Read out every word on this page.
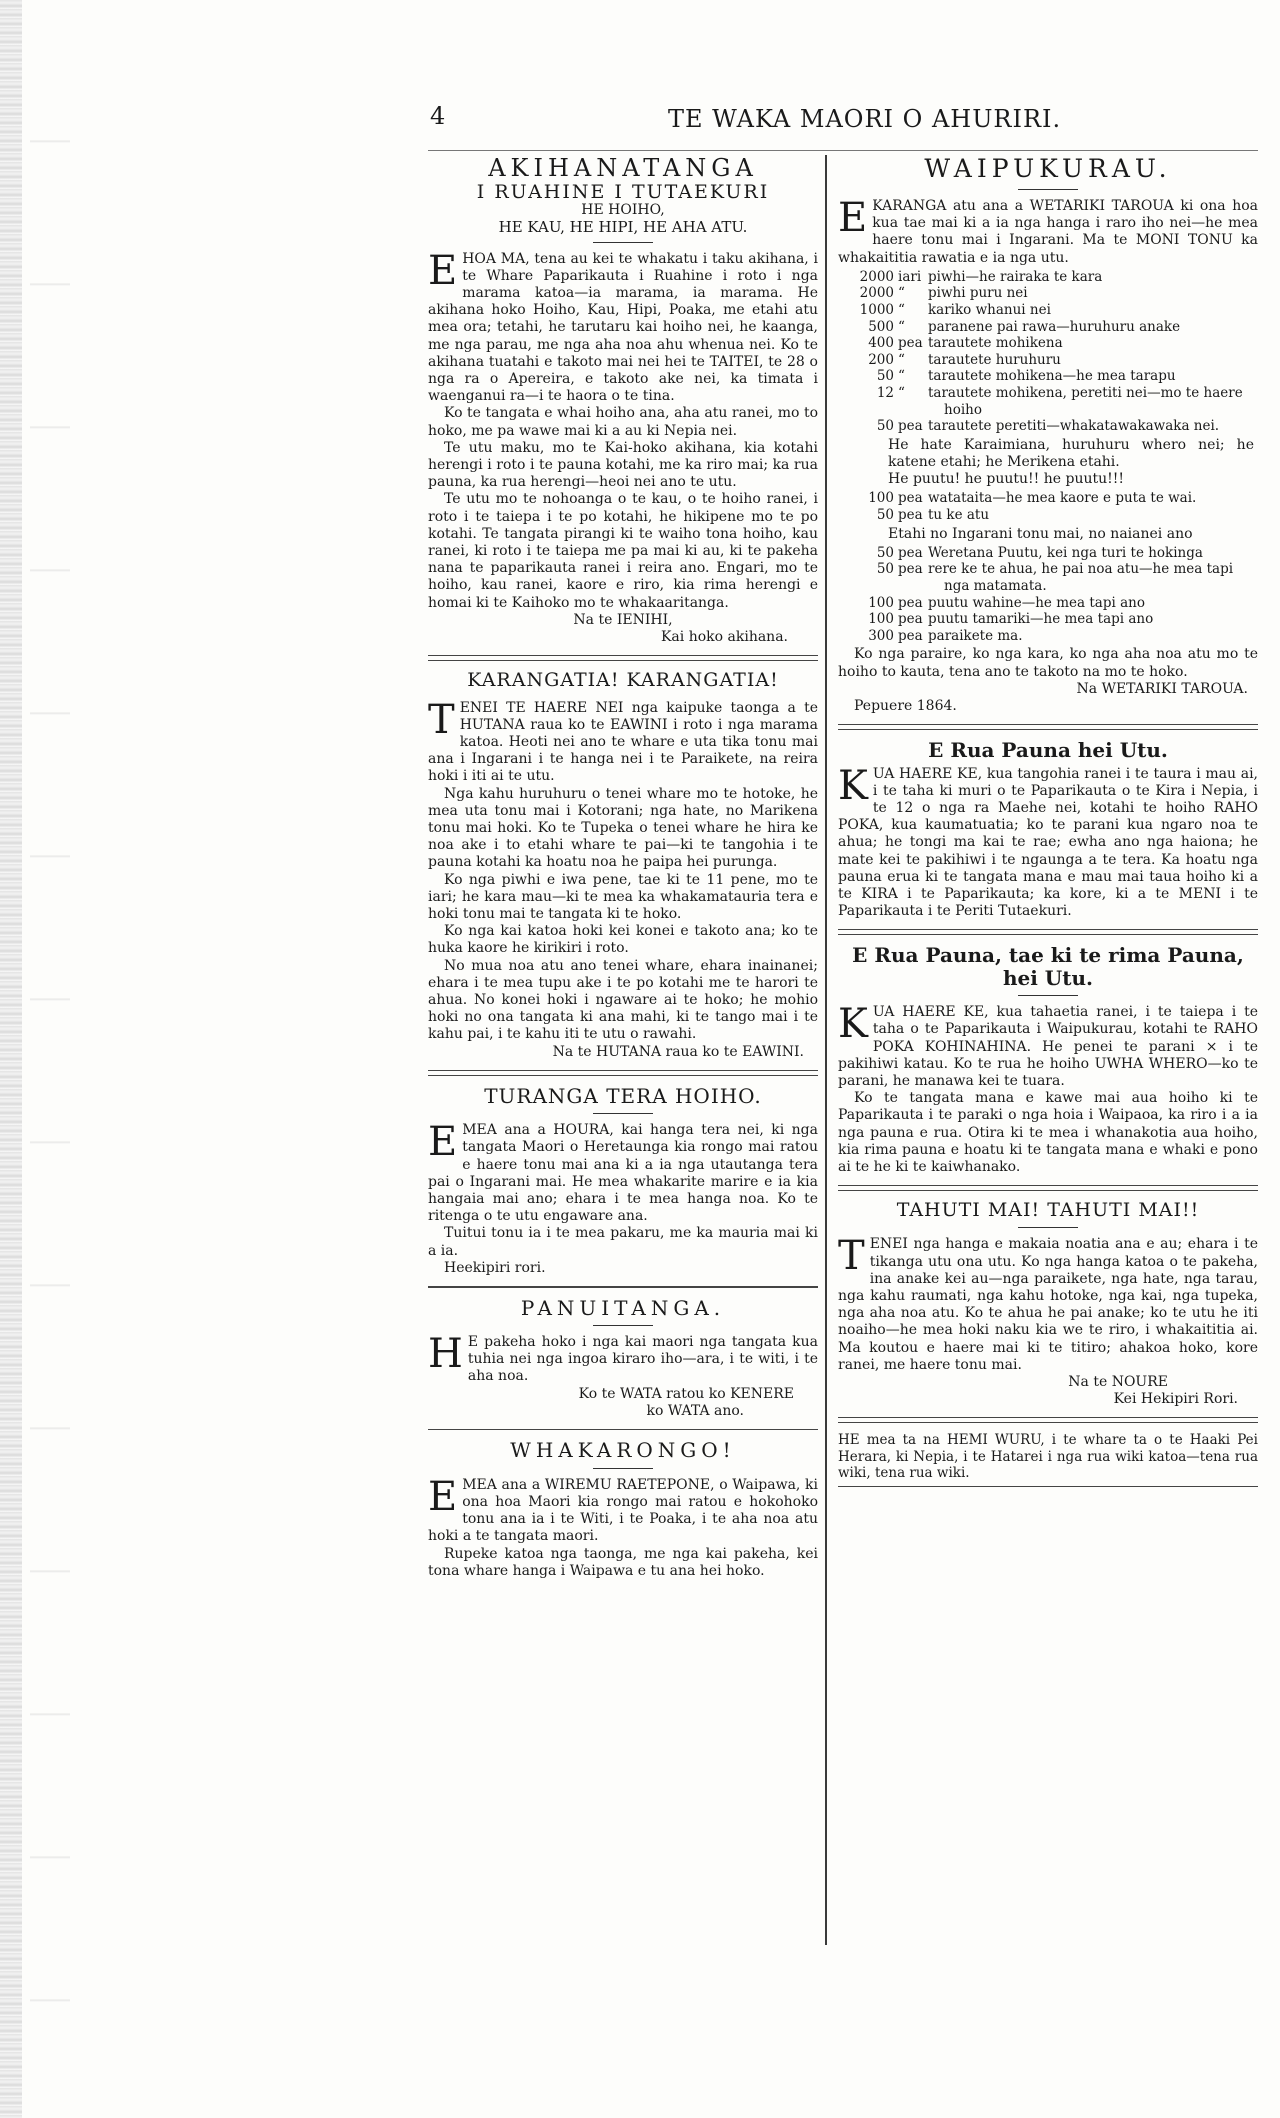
4	TE WAKA MAORI O AHURIRI.
AKIHANATANGA
I RUAHINE I TUTAEKURI
HE HOIHO,
HE KAU, HE HIPI, HE AHA ATU.

EHOA MA, tena au kei te whakatu i taku akihana, i te Whare Paparikauta i Ruahine i roto i nga marama katoa—ia marama, ia marama. He akihana hoko Hoiho, Kau, Hipi, Poaka, me etahi atu mea ora; tetahi, he tarutaru kai hoiho nei, he kaanga, me nga parau, me nga aha noa ahu whenua nei. Ko te akihana tuatahi e takoto mai nei hei te TAITEI, te 28 o nga ra o Apereira, e takoto ake nei, ka timata i waenganui ra—i te haora o te tina.

Ko te tangata e whai hoiho ana, aha atu ranei, mo to hoko, me pa wawe mai ki a au ki Nepia nei.

Te utu maku, mo te Kai-hoko akihana, kia kotahi herengi i roto i te pauna kotahi, me ka riro mai; ka rua pauna, ka rua herengi—heoi nei ano te utu.

Te utu mo te nohoanga o te kau, o te hoiho ranei, i roto i te taiepa i te po kotahi, he hikipene mo te po kotahi. Te tangata pirangi ki te waiho tona hoiho, kau ranei, ki roto i te taiepa me pa mai ki au, ki te pakeha nana te paparikauta ranei i reira ano. Engari, mo te hoiho, kau ranei, kaore e riro, kia rima herengi e homai ki te Kaihoko mo te whakaaritanga.

Na te IENIHI,

Kai hoko akihana.

KARANGATIA! KARANGATIA!

TENEI TE HAERE NEI nga kaipuke taonga a te HUTANA raua ko te EAWINI i roto i nga marama katoa. Heoti nei ano te whare e uta tika tonu mai ana i Ingarani i te hanga nei i te Paraikete, na reira hoki i iti ai te utu.

Nga kahu huruhuru o tenei whare mo te hotoke, he mea uta tonu mai i Kotorani; nga hate, no Marikena tonu mai hoki. Ko te Tupeka o tenei whare he hira ke noa ake i to etahi whare te pai—ki te tangohia i te pauna kotahi ka hoatu noa he paipa hei purunga.

Ko nga piwhi e iwa pene, tae ki te 11 pene, mo te iari; he kara mau—ki te mea ka whakamatauria tera e hoki tonu mai te tangata ki te hoko.

Ko nga kai katoa hoki kei konei e takoto ana; ko te huka kaore he kirikiri i roto.

No mua noa atu ano tenei whare, ehara inainanei; ehara i te mea tupu ake i te po kotahi me te harori te ahua. No konei hoki i ngaware ai te hoko; he mohio hoki no ona tangata ki ana mahi, ki te tango mai i te kahu pai, i te kahu iti te utu o rawahi.

Na te HUTANA raua ko te EAWINI.

TURANGA TERA HOIHO.

EMEA ana a HOURA, kai hanga tera nei, ki nga tangata Maori o Heretaunga kia rongo mai ratou e haere tonu mai ana ki a ia nga utautanga tera pai o Ingarani mai. He mea whakarite marire e ia kia hangaia mai ano; ehara i te mea hanga noa. Ko te ritenga o te utu engaware ana.

Tuitui tonu ia i te mea pakaru, me ka mauria mai ki a ia.

Heekipiri rori.

PANUITANGA.

H E pakeha hoko i nga kai maori nga tangata kua tuhia nei nga ingoa kiraro iho—ara, i te witi, i te aha noa.

Ko te WATA ratou ko KENERE

ko WATA ano.

WHAKARONGO!

EMEA ana a WIREMU RAETEPONE, o Waipawa, ki ona hoa Maori kia rongo mai ratou e hokohoko tonu ana ia i te Witi, i te Poaka, i te aha noa atu hoki a te tangata maori.

Rupeke katoa nga taonga, me nga kai pakeha, kei tona whare hanga i Waipawa e tu ana hei hoko.

WAIPUKURAU.

EKARANGA atu ana a WETARIKI TAROUA ki ona hoa kua tae mai ki a ia nga hanga i raro iho nei—he mea haere tonu mai i Ingarani. Ma te MONI TONU ka whakaititia rawatia e ia nga utu.

2000 iari piwhi—he rairaka te kara
2000 “	piwhi puru nei
1000 “	kariko whanui nei
500 “	paranene pai rawa—huruhuru anake
400 pea tarautete mohikena
200 “	tarautete huruhuru
50 “	tarautete mohikena—he mea tarapu
12 “	tarautete mohikena, peretiti nei—mo te haere hoiho
50 pea tarautete peretiti—whakatawakawaka nei.

He hate Karaimiana, huruhuru whero nei; he katene etahi; he Merikena etahi.

He puutu! he puutu!! he puutu!!!

100 pea watataita—he mea kaore e puta te wai.
50 pea tu ke atu

Etahi no Ingarani tonu mai, no naianei ano

50 pea Weretana Puutu, kei nga turi te hokinga
50 pea rere ke te ahua, he pai noa atu—he mea tapi nga matamata.
100 pea puutu wahine—he mea tapi ano
100 pea puutu tamariki—he mea tapi ano
300 pea paraikete ma.

Ko nga paraire, ko nga kara, ko nga aha noa atu mo te hoiho to kauta, tena ano te takoto na mo te hoko.

Na WETARIKI TAROUA.

Pepuere 1864.

E Rua Pauna hei Utu.

KUA HAERE KE, kua tangohia ranei i te taura i mau ai, i te taha ki muri o te Paparikauta o te Kira i Nepia, i te 12 o nga ra Maehe nei, kotahi te hoiho RAHO POKA, kua kaumatuatia; ko te parani kua ngaro noa te ahua; he tongi ma kai te rae; ewha ano nga haiona; he mate kei te pakihiwi i te ngaunga a te tera. Ka hoatu nga pauna erua ki te tangata mana e mau mai taua hoiho ki a te KIRA i te Paparikauta; ka kore, ki a te MENI i te Paparikauta i te Periti Tutaekuri.

E Rua Pauna, tae ki te rima Pauna, hei Utu.

KUA HAERE KE, kua tahaetia ranei, i te taiepa i te taha o te Paparikauta i Waipukurau, kotahi te RAHO POKA KOHINAHINA. He penei te parani × i te pakihiwi katau. Ko te rua he hoiho UWHA WHERO—ko te parani, he manawa kei te tuara.

Ko te tangata mana e kawe mai aua hoiho ki te Paparikauta i te paraki o nga hoia i Waipaoa, ka riro i a ia nga pauna e rua. Otira ki te mea i whanakotia aua hoiho, kia rima pauna e hoatu ki te tangata mana e whaki e pono ai te he ki te kaiwhanako.

TAHUTI MAI! TAHUTI MAI!!

TENEI nga hanga e makaia noatia ana e au; ehara i te tikanga utu ona utu. Ko nga hanga katoa o te pakeha, ina anake kei au—nga paraikete, nga hate, nga tarau, nga kahu raumati, nga kahu hotoke, nga kai, nga tupeka, nga aha noa atu. Ko te ahua he pai anake; ko te utu he iti noaiho—he mea hoki naku kia we te riro, i whakaititia ai. Ma koutou e haere mai ki te titiro; ahakoa hoko, kore ranei, me haere tonu mai.

Na te NOURE

Kei Hekipiri Rori.

HE mea ta na HEMI WURU, i te whare ta o te Haaki Pei Herara, ki Nepia, i te Hatarei i nga rua wiki katoa—tena rua wiki, tena rua wiki.
